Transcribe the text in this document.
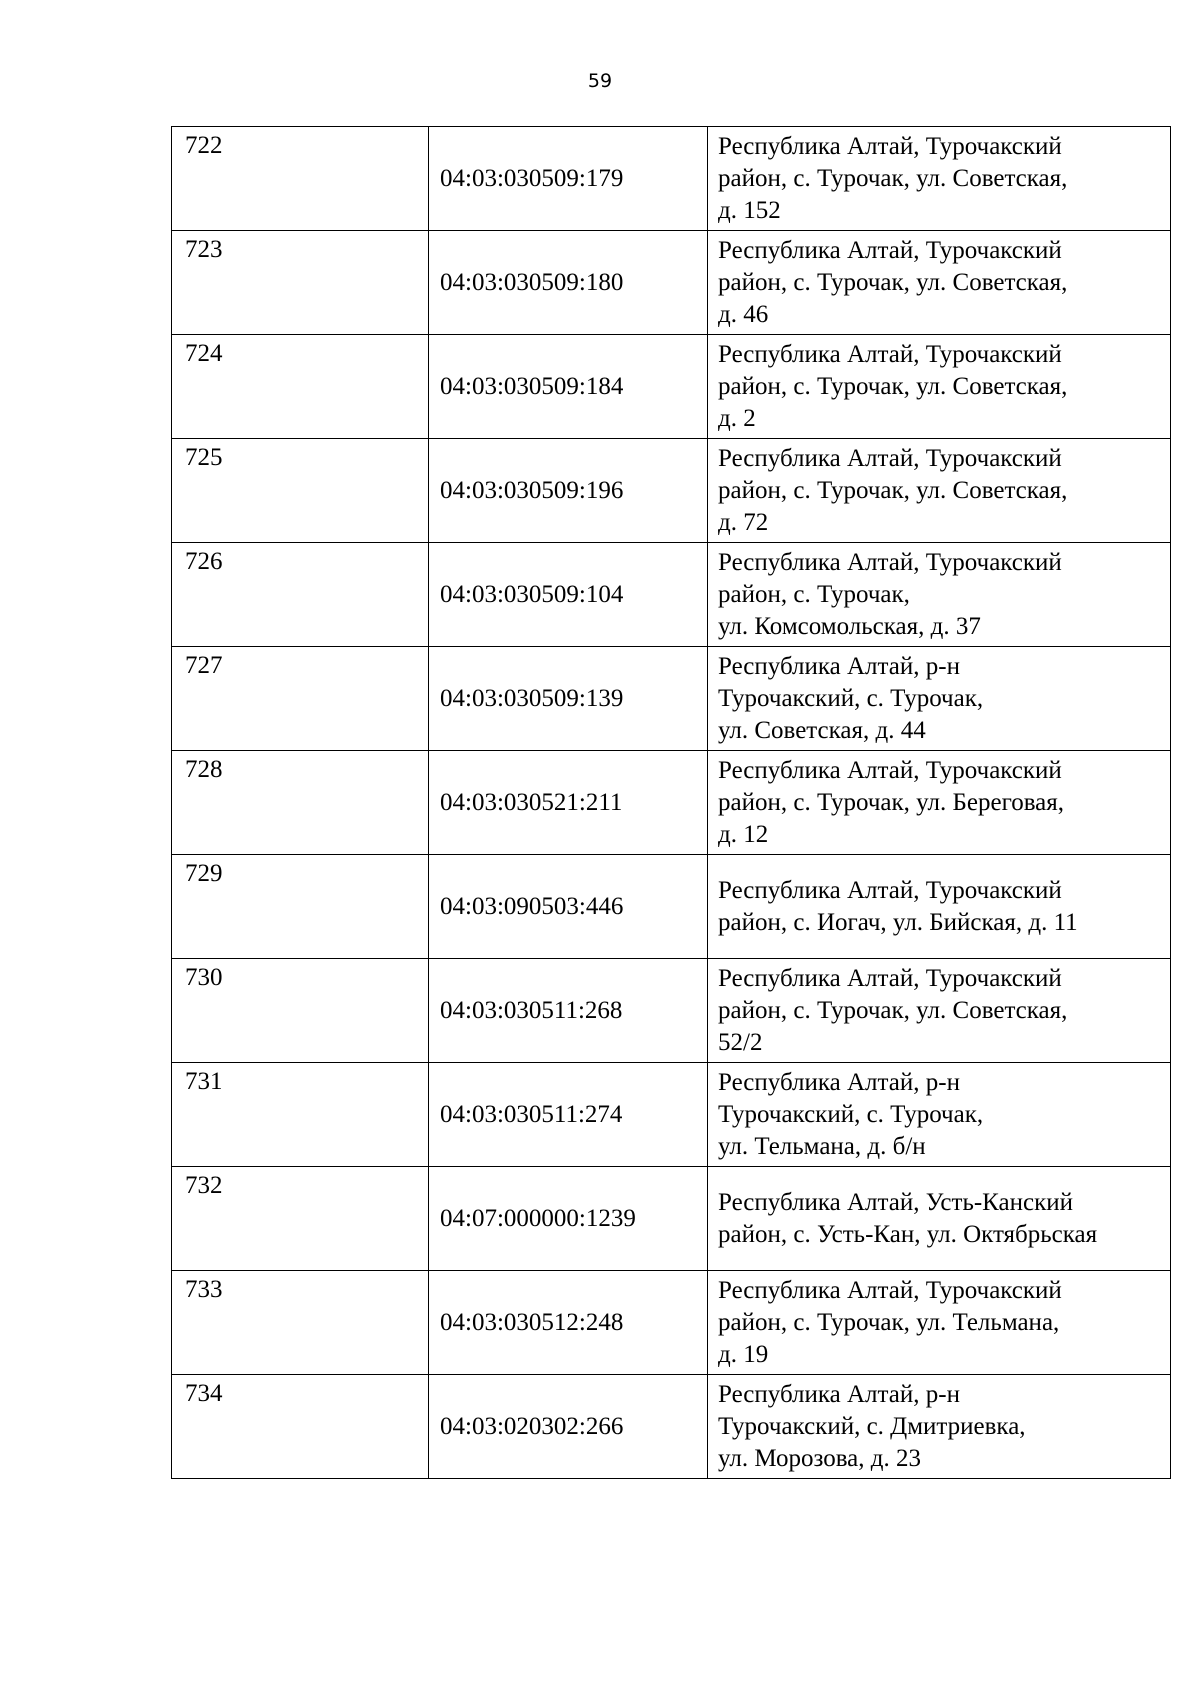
59
722	04:03:030509:179	Республика Алтай, Турочакский
район, с. Турочак, ул. Советская,
д. 152

723	04:03:030509:180	Республика Алтай, Турочакский
район, с. Турочак, ул. Советская,
д. 46

724	04:03:030509:184	Республика Алтай, Турочакский
район, с. Турочак, ул. Советская,
д. 2

725	04:03:030509:196	Республика Алтай, Турочакский
район, с. Турочак, ул. Советская,
д. 72

726	04:03:030509:104	Республика Алтай, Турочакский
район, с. Турочак,
ул. Комсомольская, д. 37

727	04:03:030509:139	Республика Алтай, р-н
Турочакский, с. Турочак,
ул. Советская, д. 44

728	04:03:030521:211	Республика Алтай, Турочакский
район, с. Турочак, ул. Береговая,
д. 12

729	04:03:090503:446	Республика Алтай, Турочакский
район, с. Иогач, ул. Бийская, д. 11

730	04:03:030511:268	Республика Алтай, Турочакский
район, с. Турочак, ул. Советская,
52/2

731	04:03:030511:274	Республика Алтай, р-н
Турочакский, с. Турочак,
ул. Тельмана, д. б/н

732	04:07:000000:1239	Республика Алтай, Усть-Канский
район, с. Усть-Кан, ул. Октябрьская

733	04:03:030512:248	Республика Алтай, Турочакский
район, с. Турочак, ул. Тельмана,
д. 19

734	04:03:020302:266	Республика Алтай, р-н
Турочакский, с. Дмитриевка,
ул. Морозова, д. 23
